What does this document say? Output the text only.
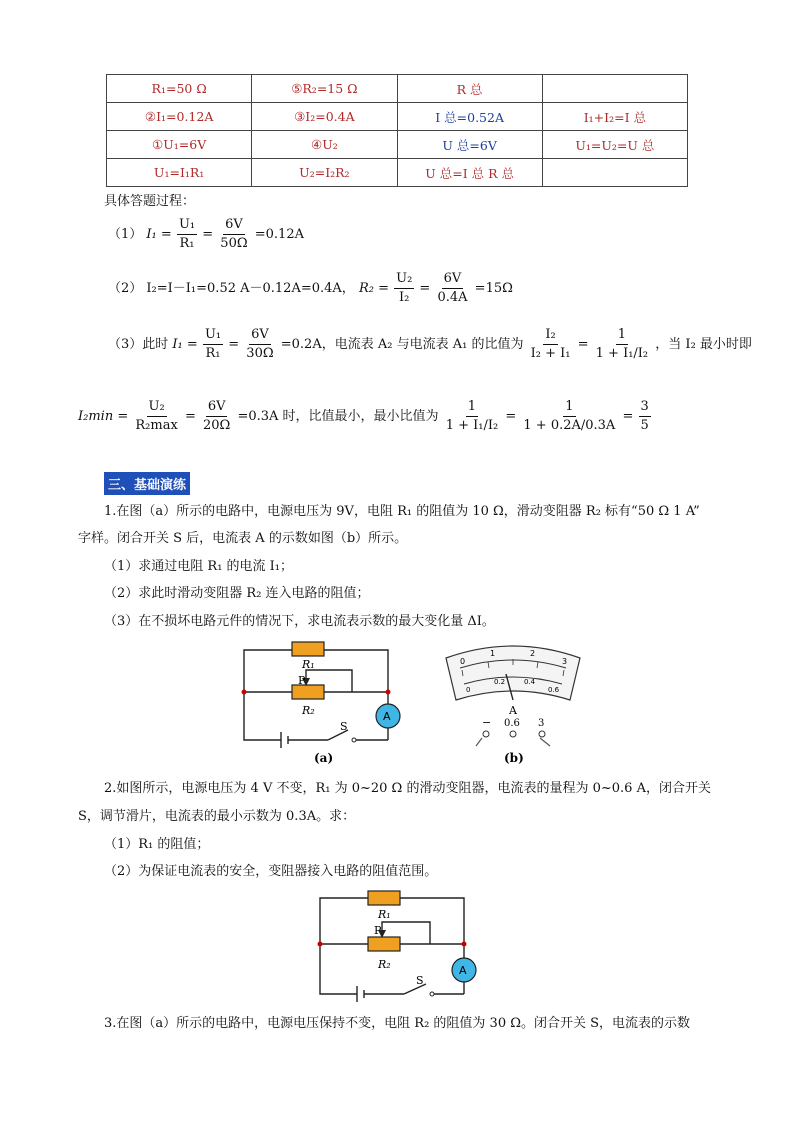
R₁=50 Ω	⑤R₂=15 Ω	R 总	
②I₁=0.12A	③I₂=0.4A	I 总=0.52A	I₁+I₂=I 总
①U₁=6V	④U₂	U 总=6V	U₁=U₂=U 总
U₁=I₁R₁	U₂=I₂R₂	U 总=I 总 R 总	
具体答题过程：
（1） $I_1 = \frac{\text{U₁}}{\text{R₁}} = \frac{6V}{50\Omega} =0.12A$
（2） I₂=I－I₁=0.52 A－0.12A=0.4A， $R_2 = \frac{\text{U₂}}{\text{I₂}} = \frac{6V}{0.4A} =15\Omega$
（3）此时 $I_1 = \frac{\text{U₁}}{\text{R₁}} = \frac{6V}{30\Omega} =0.2A$，电流表 A₂ 与电流表 A₁ 的比值为 $\frac{\text{I₂}}{\text{I₂ + I₁}} = \frac{1}{\text{1 + I₁/I₂}}$ ，当 I₂ 最小时即
$I_2\min = \frac{\text{U₂}}{\text{R₂max}} = \frac{6V}{20\Omega} =0.3A$ 时，比值最小，最小比值为 $\frac{1}{\text{1 + I₁/I₂}} = \frac{1}{1 + 0.2A/0.3A} = \frac{3}{5}$
三、基础演练
1.在图（a）所示的电路中，电源电压为 9V，电阻 R₁ 的阻值为 10 Ω，滑动变阻器 R₂ 标有“50 Ω 1 A”
字样。闭合开关 S 后，电流表 A 的示数如图（b）所示。
（1）求通过电阻 R₁ 的电流 I₁；
（2）求此时滑动变阻器 R₂ 连入电路的阻值；
（3）在不损坏电路元件的情况下，求电流表示数的最大变化量 ΔI。
R₁
P
R₂
S
A
(a)
0
1	2
3
0
0.2	0.4
0.6
A
− 0.6 3
(b)
2.如图所示，电源电压为 4 V 不变，R₁ 为 0~20 Ω 的滑动变阻器，电流表的量程为 0~0.6 A，闭合开关
S，调节滑片，电流表的最小示数为 0.3A。求：
（1）R₁ 的阻值；
（2）为保证电流表的安全，变阻器接入电路的阻值范围。
R₁
P
R₂
S
A
3.在图（a）所示的电路中，电源电压保持不变，电阻 R₂ 的阻值为 30 Ω。闭合开关 S，电流表的示数
